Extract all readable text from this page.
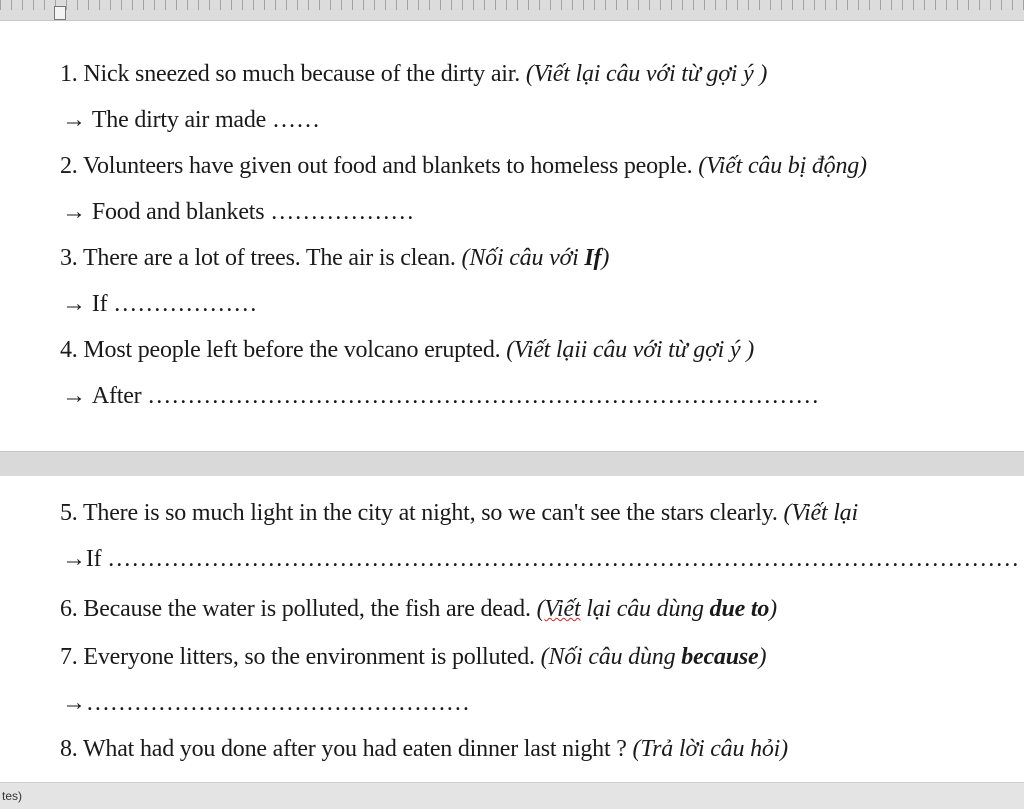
1. Nick sneezed so much because of the dirty air. (Viết lại câu với từ gợi ý )
→ The dirty air made ……
2. Volunteers have given out food and blankets to homeless people. (Viết câu bị động)
→ Food and blankets ………………
3. There are a lot of trees. The air is clean. (Nối câu với If)
→ If ………………
4. Most people left before the volcano erupted. (Viết lạii câu với từ gợi ý )
→ After …………………………………………………………………………
5. There is so much light in the city at night, so we can't see the stars clearly. (Viết lại
→If ……………………………………………………………………………………………………
6. Because the water is polluted, the fish are dead. (Viết lại câu dùng due to)
7. Everyone litters, so the environment is polluted. (Nối câu dùng because)
→…………………………………………
8. What had you done after you had eaten dinner last night ? (Trả lời câu hỏi)
tes)
